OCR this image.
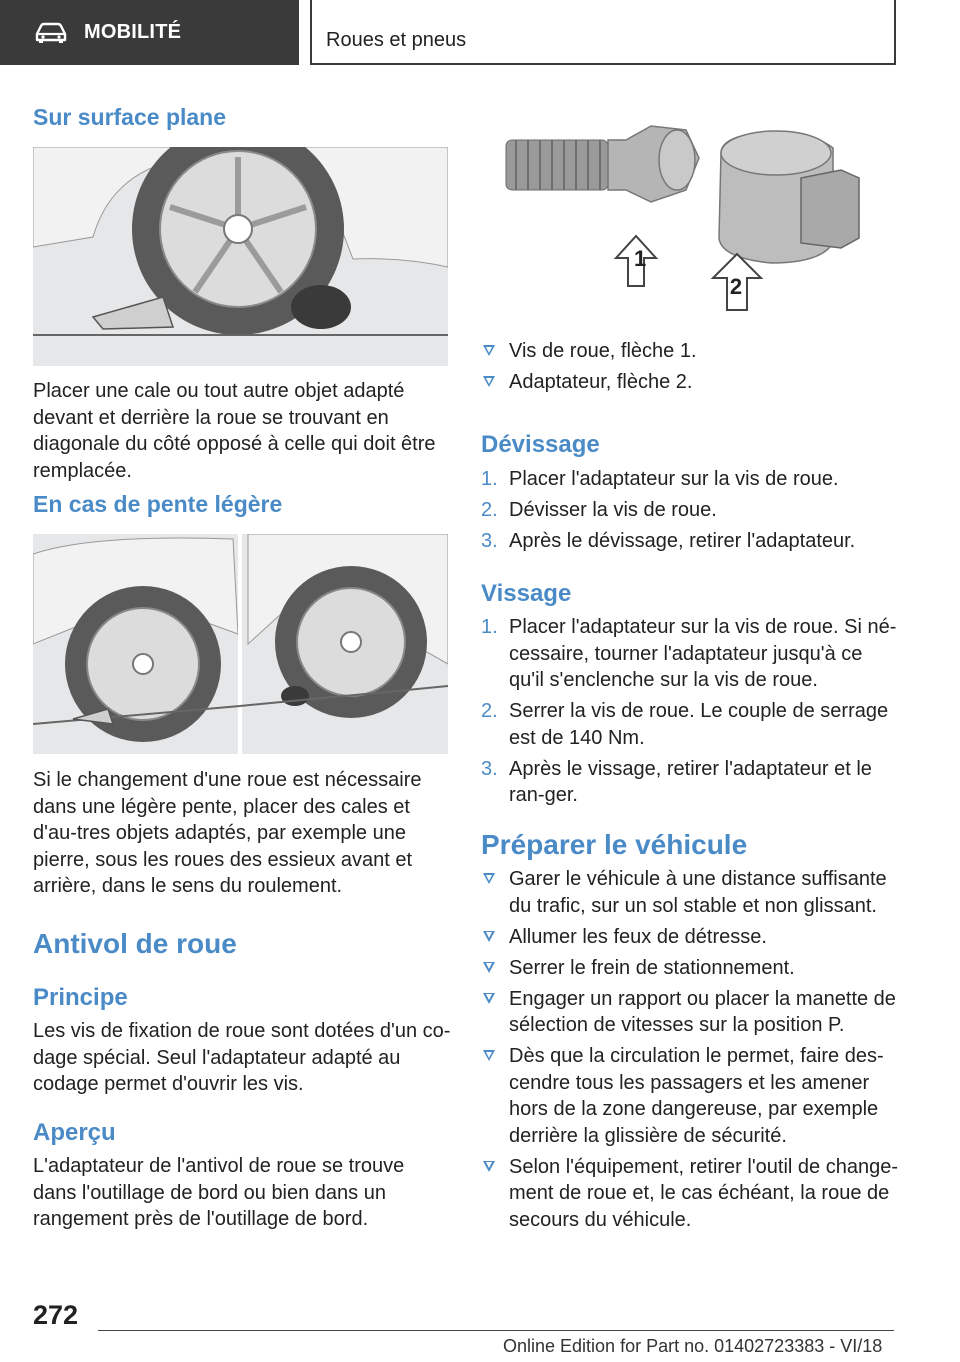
MOBILITÉ	Roues et pneus
Sur surface plane
Placer une cale ou tout autre objet adapté devant et derrière la roue se trouvant en diagonale du côté opposé à celle qui doit être remplacée.
En cas de pente légère
Si le changement d'une roue est nécessaire dans une légère pente, placer des cales et d'au-tres objets adaptés, par exemple une pierre, sous les roues des essieux avant et arrière, dans le sens du roulement.
Antivol de roue
Principe
Les vis de fixation de roue sont dotées d'un co-dage spécial. Seul l'adaptateur adapté au codage permet d'ouvrir les vis.
Aperçu
L'adaptateur de l'antivol de roue se trouve dans l'outillage de bord ou bien dans un rangement près de l'outillage de bord.
1
2
Vis de roue, flèche 1.
Adaptateur, flèche 2.
Dévissage
1. Placer l'adaptateur sur la vis de roue.
2. Dévisser la vis de roue.
3. Après le dévissage, retirer l'adaptateur.
Vissage
1. Placer l'adaptateur sur la vis de roue. Si né-cessaire, tourner l'adaptateur jusqu'à ce qu'il s'enclenche sur la vis de roue.
2. Serrer la vis de roue. Le couple de serrage est de 140 Nm.
3. Après le vissage, retirer l'adaptateur et le ran-ger.
Préparer le véhicule
Garer le véhicule à une distance suffisante du trafic, sur un sol stable et non glissant.
Allumer les feux de détresse.
Serrer le frein de stationnement.
Engager un rapport ou placer la manette de sélection de vitesses sur la position P.
Dès que la circulation le permet, faire des-cendre tous les passagers et les amener hors de la zone dangereuse, par exemple derrière la glissière de sécurité.
Selon l'équipement, retirer l'outil de change-ment de roue et, le cas échéant, la roue de secours du véhicule.
272
Online Edition for Part no. 01402723383 - VI/18
